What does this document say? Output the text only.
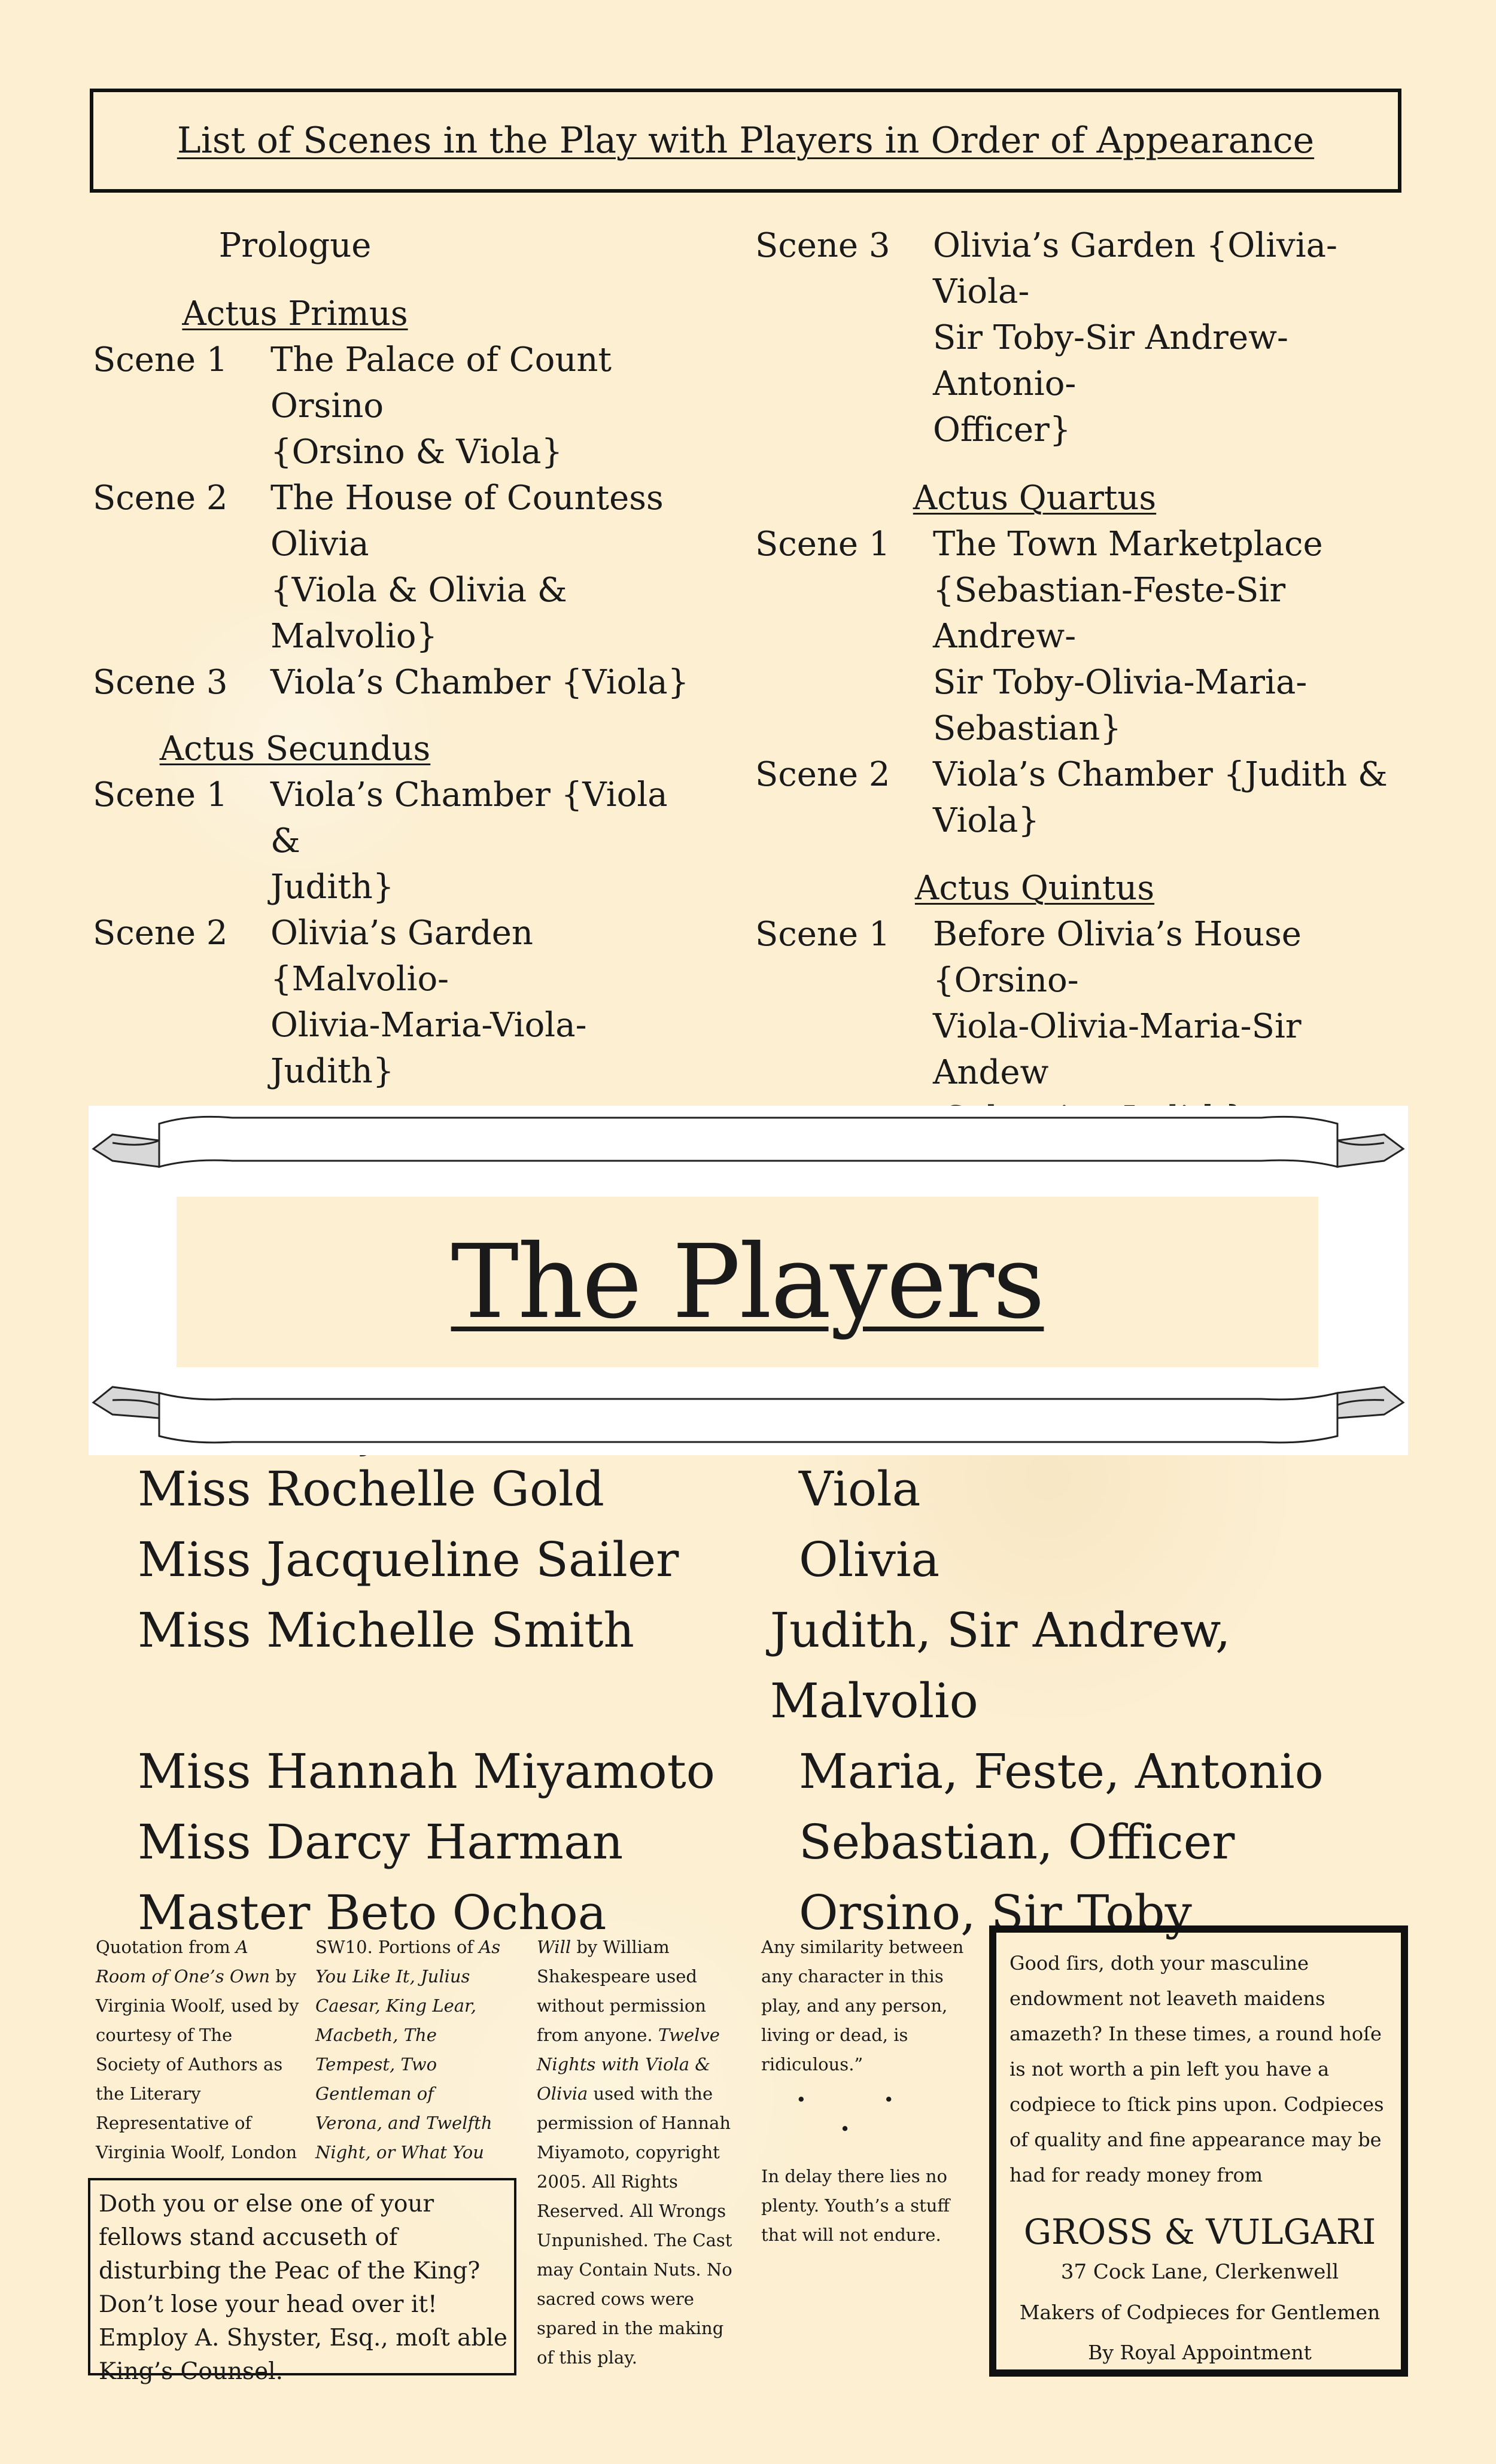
List of Scenes in the Play with Players in Order of Appearance
Prologue
Actus Primus
Scene 1	The Palace of Count Orsino
{Orsino & Viola}
Scene 2	The House of Countess Olivia
{Viola & Olivia & Malvolio}
Scene 3	Viola’s Chamber {Viola}
Actus Secundus
Scene 1	Viola’s Chamber {Viola &
Judith}
Scene 2	Olivia’s Garden {Malvolio-
Olivia-Maria-Viola-Judith}
Scene 3	Olivia’s Garden {Olivia-Viola-
Sir Toby-Sir Andrew-Antonio-
Officer}
Actus Quartus
Scene 1	The Town Marketplace
{Sebastian-Feste-Sir Andrew-
Sir Toby-Olivia-Maria-
Sebastian}
Scene 2	Viola’s Chamber {Judith &
Viola}
Actus Quintus
Scene 1	Before Olivia’s House {Orsino-
Viola-Olivia-Maria-Sir Andew
The Players
Miss Rochelle Gold	Viola
Miss Jacqueline Sailer	Olivia
Miss Michelle Smith	Judith, Sir Andrew, Malvolio
Miss Hannah Miyamoto	Maria, Feste, Antonio
Miss Darcy Harman	Sebastian, Officer
Master Beto Ochoa	Orsino, Sir Toby
Quotation from A Room of One’s Own by Virginia Woolf, used by courtesy of The Society of Authors as the Literary Representative of Virginia Woolf, London
SW10. Portions of As You Like It, Julius Caesar, King Lear, Macbeth, The Tempest, Two Gentleman of Verona, and Twelfth Night, or What You
Will by William Shakespeare used without permission from anyone. Twelve Nights with Viola & Olivia used with the permission of Hannah Miyamoto, copyright 2005. All Rights Reserved. All Wrongs Unpunished. The Cast may Contain Nuts. No sacred cows were spared in the making of this play.
Any similarity between any character in this play, and any person, living or dead, is ridiculous.”
• • •
In delay there lies no plenty. Youth’s a stuff that will not endure.
Doth you or else one of your fellows stand accuseth of disturbing the Peac of the King? Don’t lose your head over it! Employ A. Shyster, Esq., moſt able King’s Counsel.
Good ſirs, doth your masculine endowment not leaveth maidens amazeth? In these times, a round hoſe is not worth a pin left you have a codpiece to ſtick pins upon. Codpieces of quality and fine appearance may be had for ready money from
GROSS & VULGARI
37 Cock Lane, Clerkenwell
Makers of Codpieces for Gentlemen
By Royal Appointment
